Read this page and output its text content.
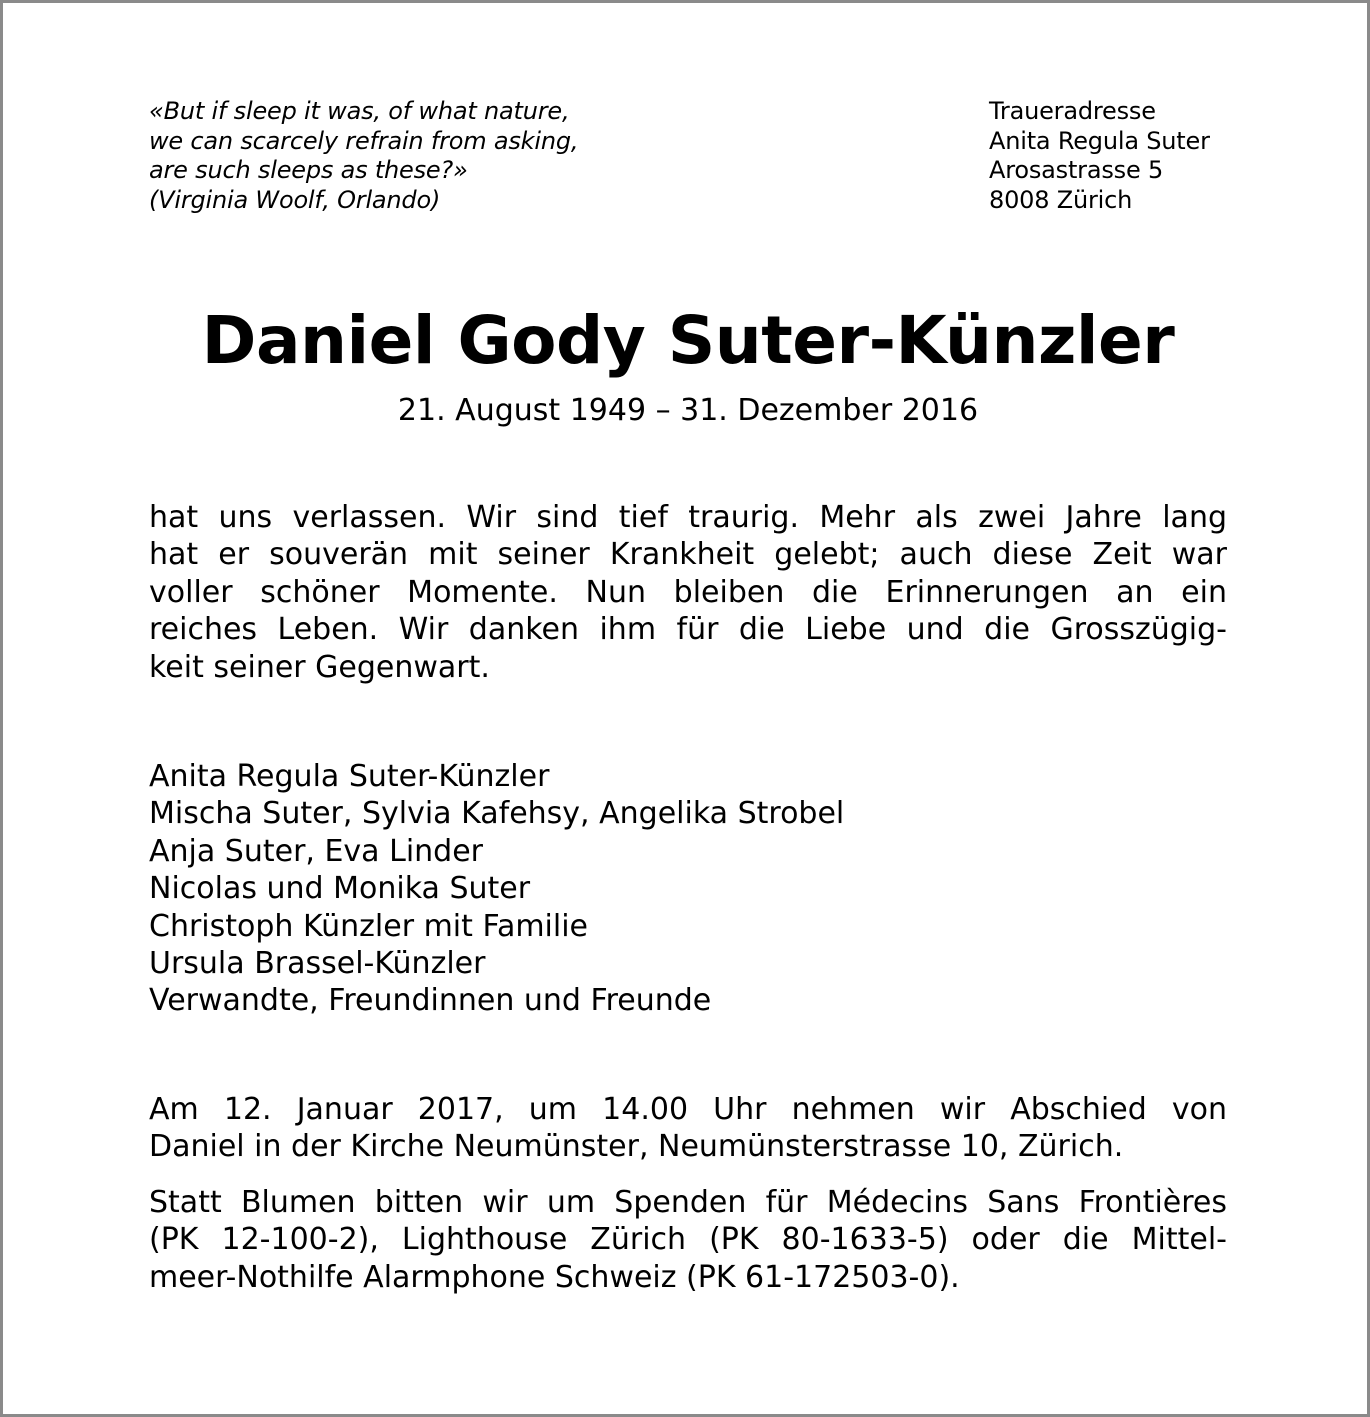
«But if sleep it was, of what nature,
we can scarcely refrain from asking,
are such sleeps as these?»
(Virginia Woolf, Orlando)
Traueradresse
Anita Regula Suter
Arosastrasse 5
8008 Zürich
Daniel Gody Suter-Künzler
21. August 1949 – 31. Dezember 2016
hat uns verlassen. Wir sind tief traurig. Mehr als zwei Jahre lang
hat er souverän mit seiner Krankheit gelebt; auch diese Zeit war
voller schöner Momente. Nun bleiben die Erinnerungen an ein
reiches Leben. Wir danken ihm für die Liebe und die Grosszügig-
keit seiner Gegenwart.
Anita Regula Suter-Künzler
Mischa Suter, Sylvia Kafehsy, Angelika Strobel
Anja Suter, Eva Linder
Nicolas und Monika Suter
Christoph Künzler mit Familie
Ursula Brassel-Künzler
Verwandte, Freundinnen und Freunde
Am 12. Januar 2017, um 14.00 Uhr nehmen wir Abschied von
Daniel in der Kirche Neumünster, Neumünsterstrasse 10, Zürich.
Statt Blumen bitten wir um Spenden für Médecins Sans Frontières
(PK 12-100-2), Lighthouse Zürich (PK 80-1633-5) oder die Mittel-
meer-Nothilfe Alarmphone Schweiz (PK 61-172503-0).
